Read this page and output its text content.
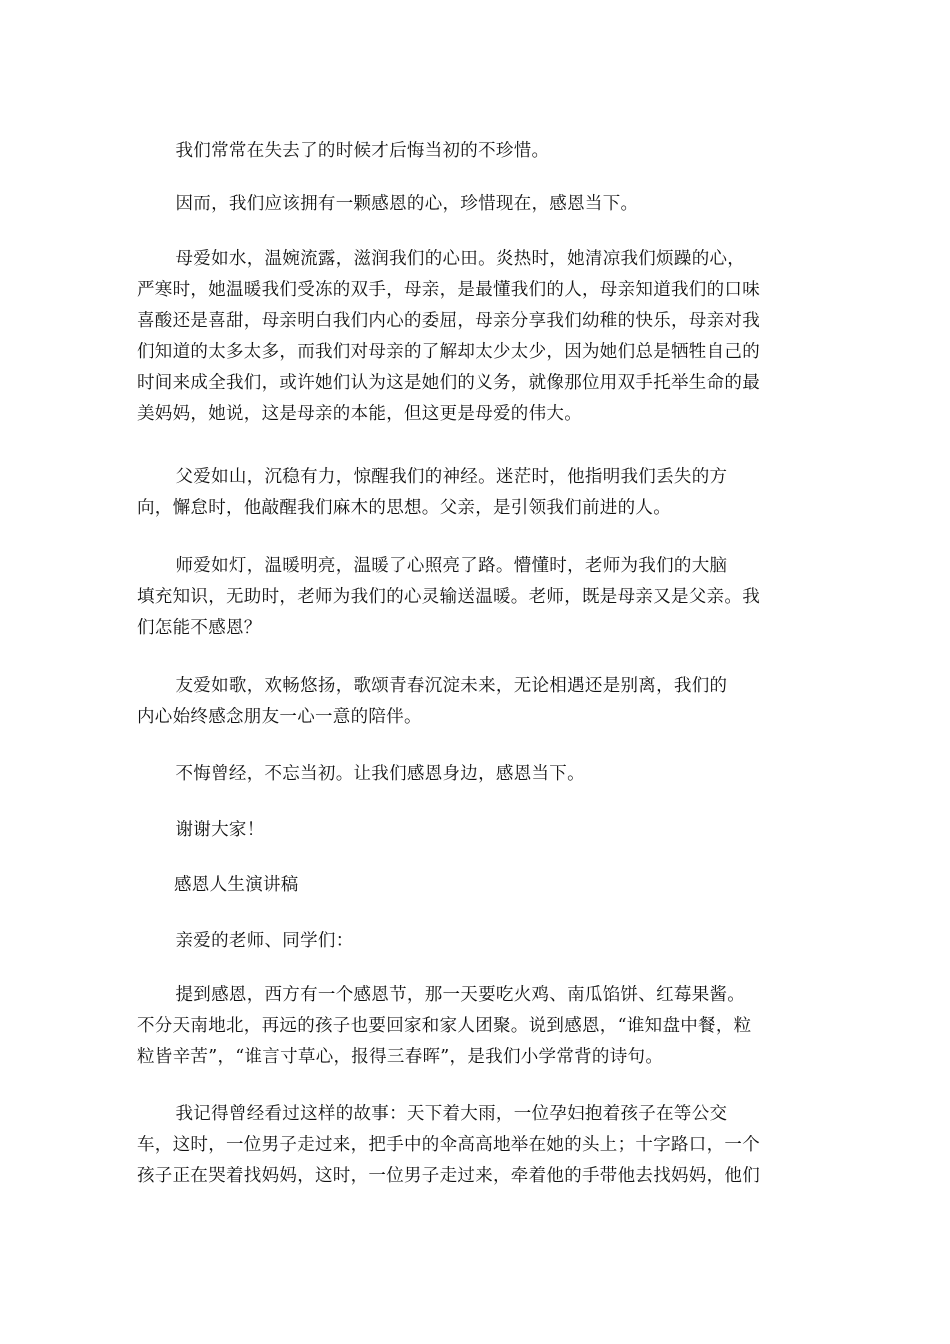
我们常常在失去了的时候才后悔当初的不珍惜。

因而，我们应该拥有一颗感恩的心，珍惜现在，感恩当下。

母爱如水，温婉流露，滋润我们的心田。炎热时，她清凉我们烦躁的心，
严寒时，她温暖我们受冻的双手，母亲，是最懂我们的人，母亲知道我们的口味
喜酸还是喜甜，母亲明白我们内心的委屈，母亲分享我们幼稚的快乐，母亲对我
们知道的太多太多，而我们对母亲的了解却太少太少，因为她们总是牺牲自己的
时间来成全我们，或许她们认为这是她们的义务，就像那位用双手托举生命的最
美妈妈，她说，这是母亲的本能，但这更是母爱的伟大。

父爱如山，沉稳有力，惊醒我们的神经。迷茫时，他指明我们丢失的方
向，懈怠时，他敲醒我们麻木的思想。父亲，是引领我们前进的人。

师爱如灯，温暖明亮，温暖了心照亮了路。懵懂时，老师为我们的大脑
填充知识，无助时，老师为我们的心灵输送温暖。老师，既是母亲又是父亲。我
们怎能不感恩？

友爱如歌，欢畅悠扬，歌颂青春沉淀未来，无论相遇还是别离，我们的
内心始终感念朋友一心一意的陪伴。

不悔曾经，不忘当初。让我们感恩身边，感恩当下。

谢谢大家！

感恩人生演讲稿

亲爱的老师、同学们：

提到感恩，西方有一个感恩节，那一天要吃火鸡、南瓜馅饼、红莓果酱。
不分天南地北，再远的孩子也要回家和家人团聚。说到感恩，“谁知盘中餐，粒
粒皆辛苦”，“谁言寸草心，报得三春晖”，是我们小学常背的诗句。

我记得曾经看过这样的故事：天下着大雨，一位孕妇抱着孩子在等公交
车，这时，一位男子走过来，把手中的伞高高地举在她的头上；十字路口，一个
孩子正在哭着找妈妈，这时，一位男子走过来，牵着他的手带他去找妈妈，他们
